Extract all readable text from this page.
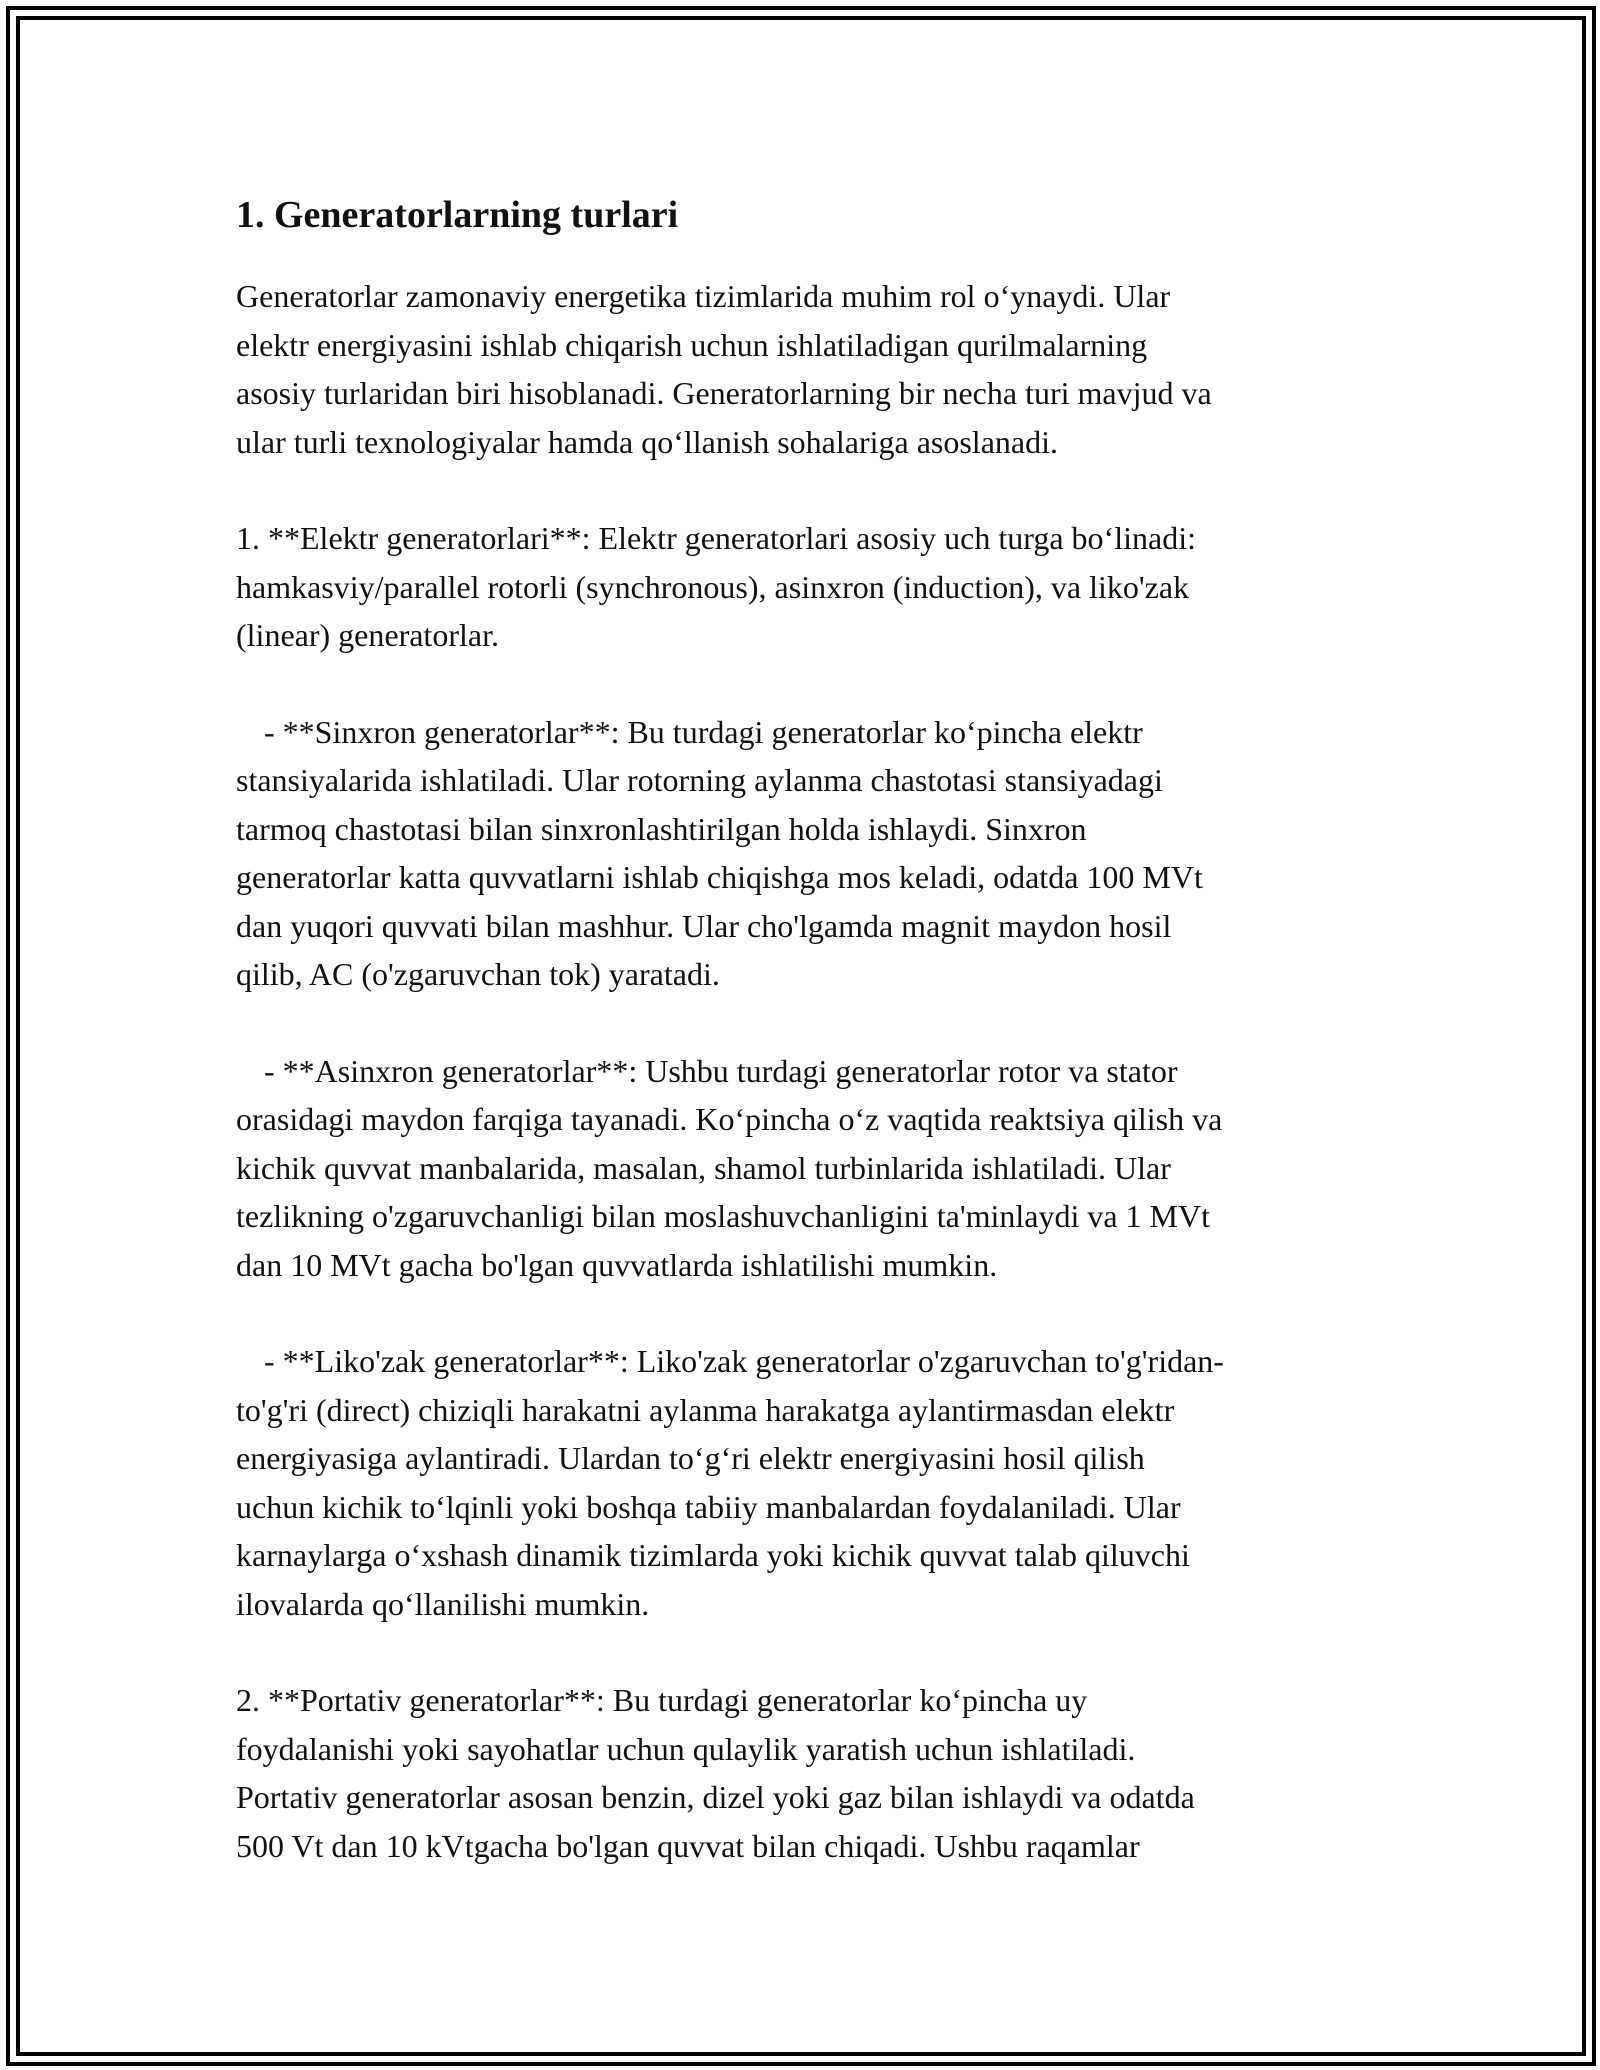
1. Generatorlarning turlari

Generatorlar zamonaviy energetika tizimlarida muhim rol o‘ynaydi. Ular
elektr energiyasini ishlab chiqarish uchun ishlatiladigan qurilmalarning
asosiy turlaridan biri hisoblanadi. Generatorlarning bir necha turi mavjud va
ular turli texnologiyalar hamda qo‘llanish sohalariga asoslanadi.

1. **Elektr generatorlari**: Elektr generatorlari asosiy uch turga bo‘linadi:
hamkasviy/parallel rotorli (synchronous), asinxron (induction), va liko'zak
(linear) generatorlar.

- **Sinxron generatorlar**: Bu turdagi generatorlar ko‘pincha elektr
stansiyalarida ishlatiladi. Ular rotorning aylanma chastotasi stansiyadagi
tarmoq chastotasi bilan sinxronlashtirilgan holda ishlaydi. Sinxron
generatorlar katta quvvatlarni ishlab chiqishga mos keladi, odatda 100 MVt
dan yuqori quvvati bilan mashhur. Ular cho'lgamda magnit maydon hosil
qilib, AC (o'zgaruvchan tok) yaratadi.

- **Asinxron generatorlar**: Ushbu turdagi generatorlar rotor va stator
orasidagi maydon farqiga tayanadi. Ko‘pincha o‘z vaqtida reaktsiya qilish va
kichik quvvat manbalarida, masalan, shamol turbinlarida ishlatiladi. Ular
tezlikning o'zgaruvchanligi bilan moslashuvchanligini ta'minlaydi va 1 MVt
dan 10 MVt gacha bo'lgan quvvatlarda ishlatilishi mumkin.

- **Liko'zak generatorlar**: Liko'zak generatorlar o'zgaruvchan to'g'ridan-
to'g'ri (direct) chiziqli harakatni aylanma harakatga aylantirmasdan elektr
energiyasiga aylantiradi. Ulardan to‘g‘ri elektr energiyasini hosil qilish
uchun kichik to‘lqinli yoki boshqa tabiiy manbalardan foydalaniladi. Ular
karnaylarga o‘xshash dinamik tizimlarda yoki kichik quvvat talab qiluvchi
ilovalarda qo‘llanilishi mumkin.

2. **Portativ generatorlar**: Bu turdagi generatorlar ko‘pincha uy
foydalanishi yoki sayohatlar uchun qulaylik yaratish uchun ishlatiladi.
Portativ generatorlar asosan benzin, dizel yoki gaz bilan ishlaydi va odatda
500 Vt dan 10 kVtgacha bo'lgan quvvat bilan chiqadi. Ushbu raqamlar
